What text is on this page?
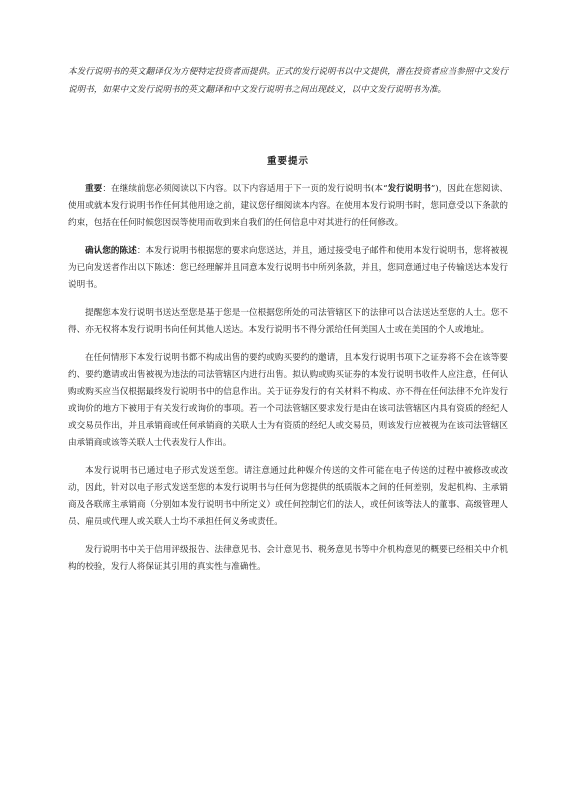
本发行说明书的英文翻译仅为方便特定投资者而提供。正式的发行说明书以中文提供，潜在投资者应当参照中文发行说明书，如果中文发行说明书的英文翻译和中文发行说明书之间出现歧义，以中文发行说明书为准。

重要提示

重要：在继续前您必须阅读以下内容。以下内容适用于下一页的发行说明书(本“发行说明书”)，因此在您阅读、使用或就本发行说明书作任何其他用途之前，建议您仔细阅读本内容。在使用本发行说明书时，您同意受以下条款的约束，包括在任何时候您因误等使用而收到来自我们的任何信息中对其进行的任何修改。

确认您的陈述：本发行说明书根据您的要求向您送达，并且，通过接受电子邮件和使用本发行说明书，您将被视为已向发送者作出以下陈述：您已经理解并且同意本发行说明书中所列条款，并且，您同意通过电子传输送达本发行说明书。

提醒您本发行说明书送达至您是基于您是一位根据您所处的司法管辖区下的法律可以合法送达至您的人士。您不得、亦无权将本发行说明书向任何其他人送达。本发行说明书不得分派给任何美国人士或在美国的个人或地址。

在任何情形下本发行说明书都不构成出售的要约或购买要约的邀请，且本发行说明书项下之证券将不会在该等要约、要约邀请或出售被视为违法的司法管辖区内进行出售。拟认购或购买证券的本发行说明书收件人应注意，任何认购或购买应当仅根据最终发行说明书中的信息作出。关于证券发行的有关材料不构成、亦不得在任何法律不允许发行或询价的地方下被用于有关发行或询价的事项。若一个司法管辖区要求发行是由在该司法管辖区内具有资质的经纪人或交易员作出，并且承销商或任何承销商的关联人士为有资质的经纪人或交易员，则该发行应被视为在该司法管辖区由承销商或该等关联人士代表发行人作出。

本发行说明书已通过电子形式发送至您。请注意通过此种媒介传送的文件可能在电子传送的过程中被修改或改动，因此，针对以电子形式发送至您的本发行说明书与任何为您提供的纸质版本之间的任何差别，发起机构、主承销商及各联席主承销商（分别如本发行说明书中所定义）或任何控制它们的法人，或任何该等法人的董事、高级管理人员、雇员或代理人或关联人士均不承担任何义务或责任。

发行说明书中关于信用评级报告、法律意见书、会计意见书、税务意见书等中介机构意见的概要已经相关中介机构的校验，发行人将保证其引用的真实性与准确性。
